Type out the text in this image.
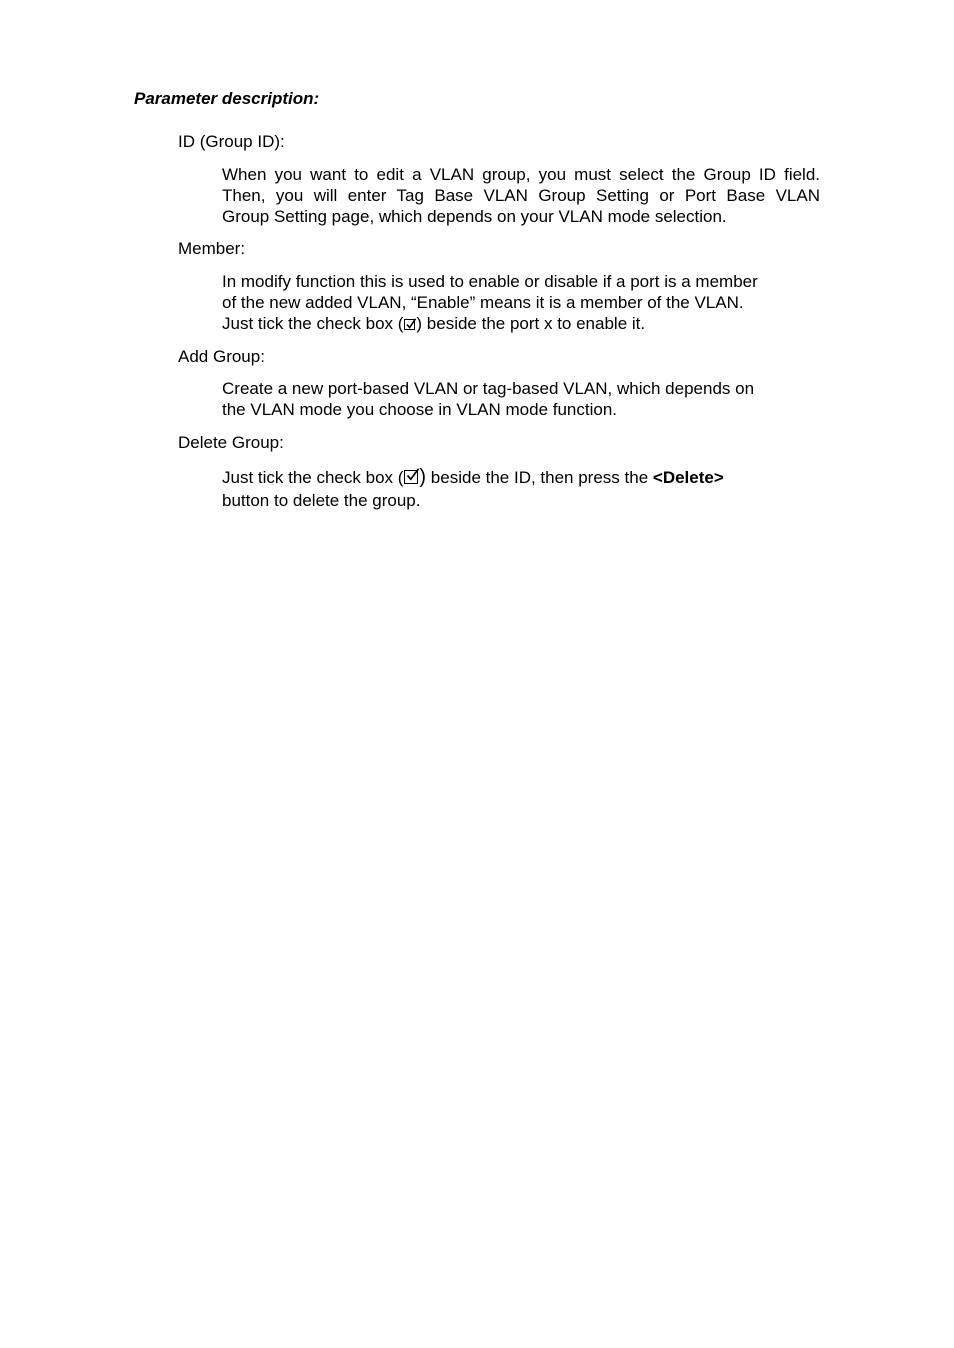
Parameter description:
ID (Group ID):
When you want to edit a VLAN group, you must select the Group ID field.
Then, you will enter Tag Base VLAN Group Setting or Port Base VLAN
Group Setting page, which depends on your VLAN mode selection.
Member:
In modify function this is used to enable or disable if a port is a member
of the new added VLAN, “Enable” means it is a member of the VLAN.
Just tick the check box ( ) beside the port x to enable it.
Add Group:
Create a new port-based VLAN or tag-based VLAN, which depends on
the VLAN mode you choose in VLAN mode function.
Delete Group:
Just tick the check box ( ) beside the ID, then press the <Delete>
button to delete the group.
